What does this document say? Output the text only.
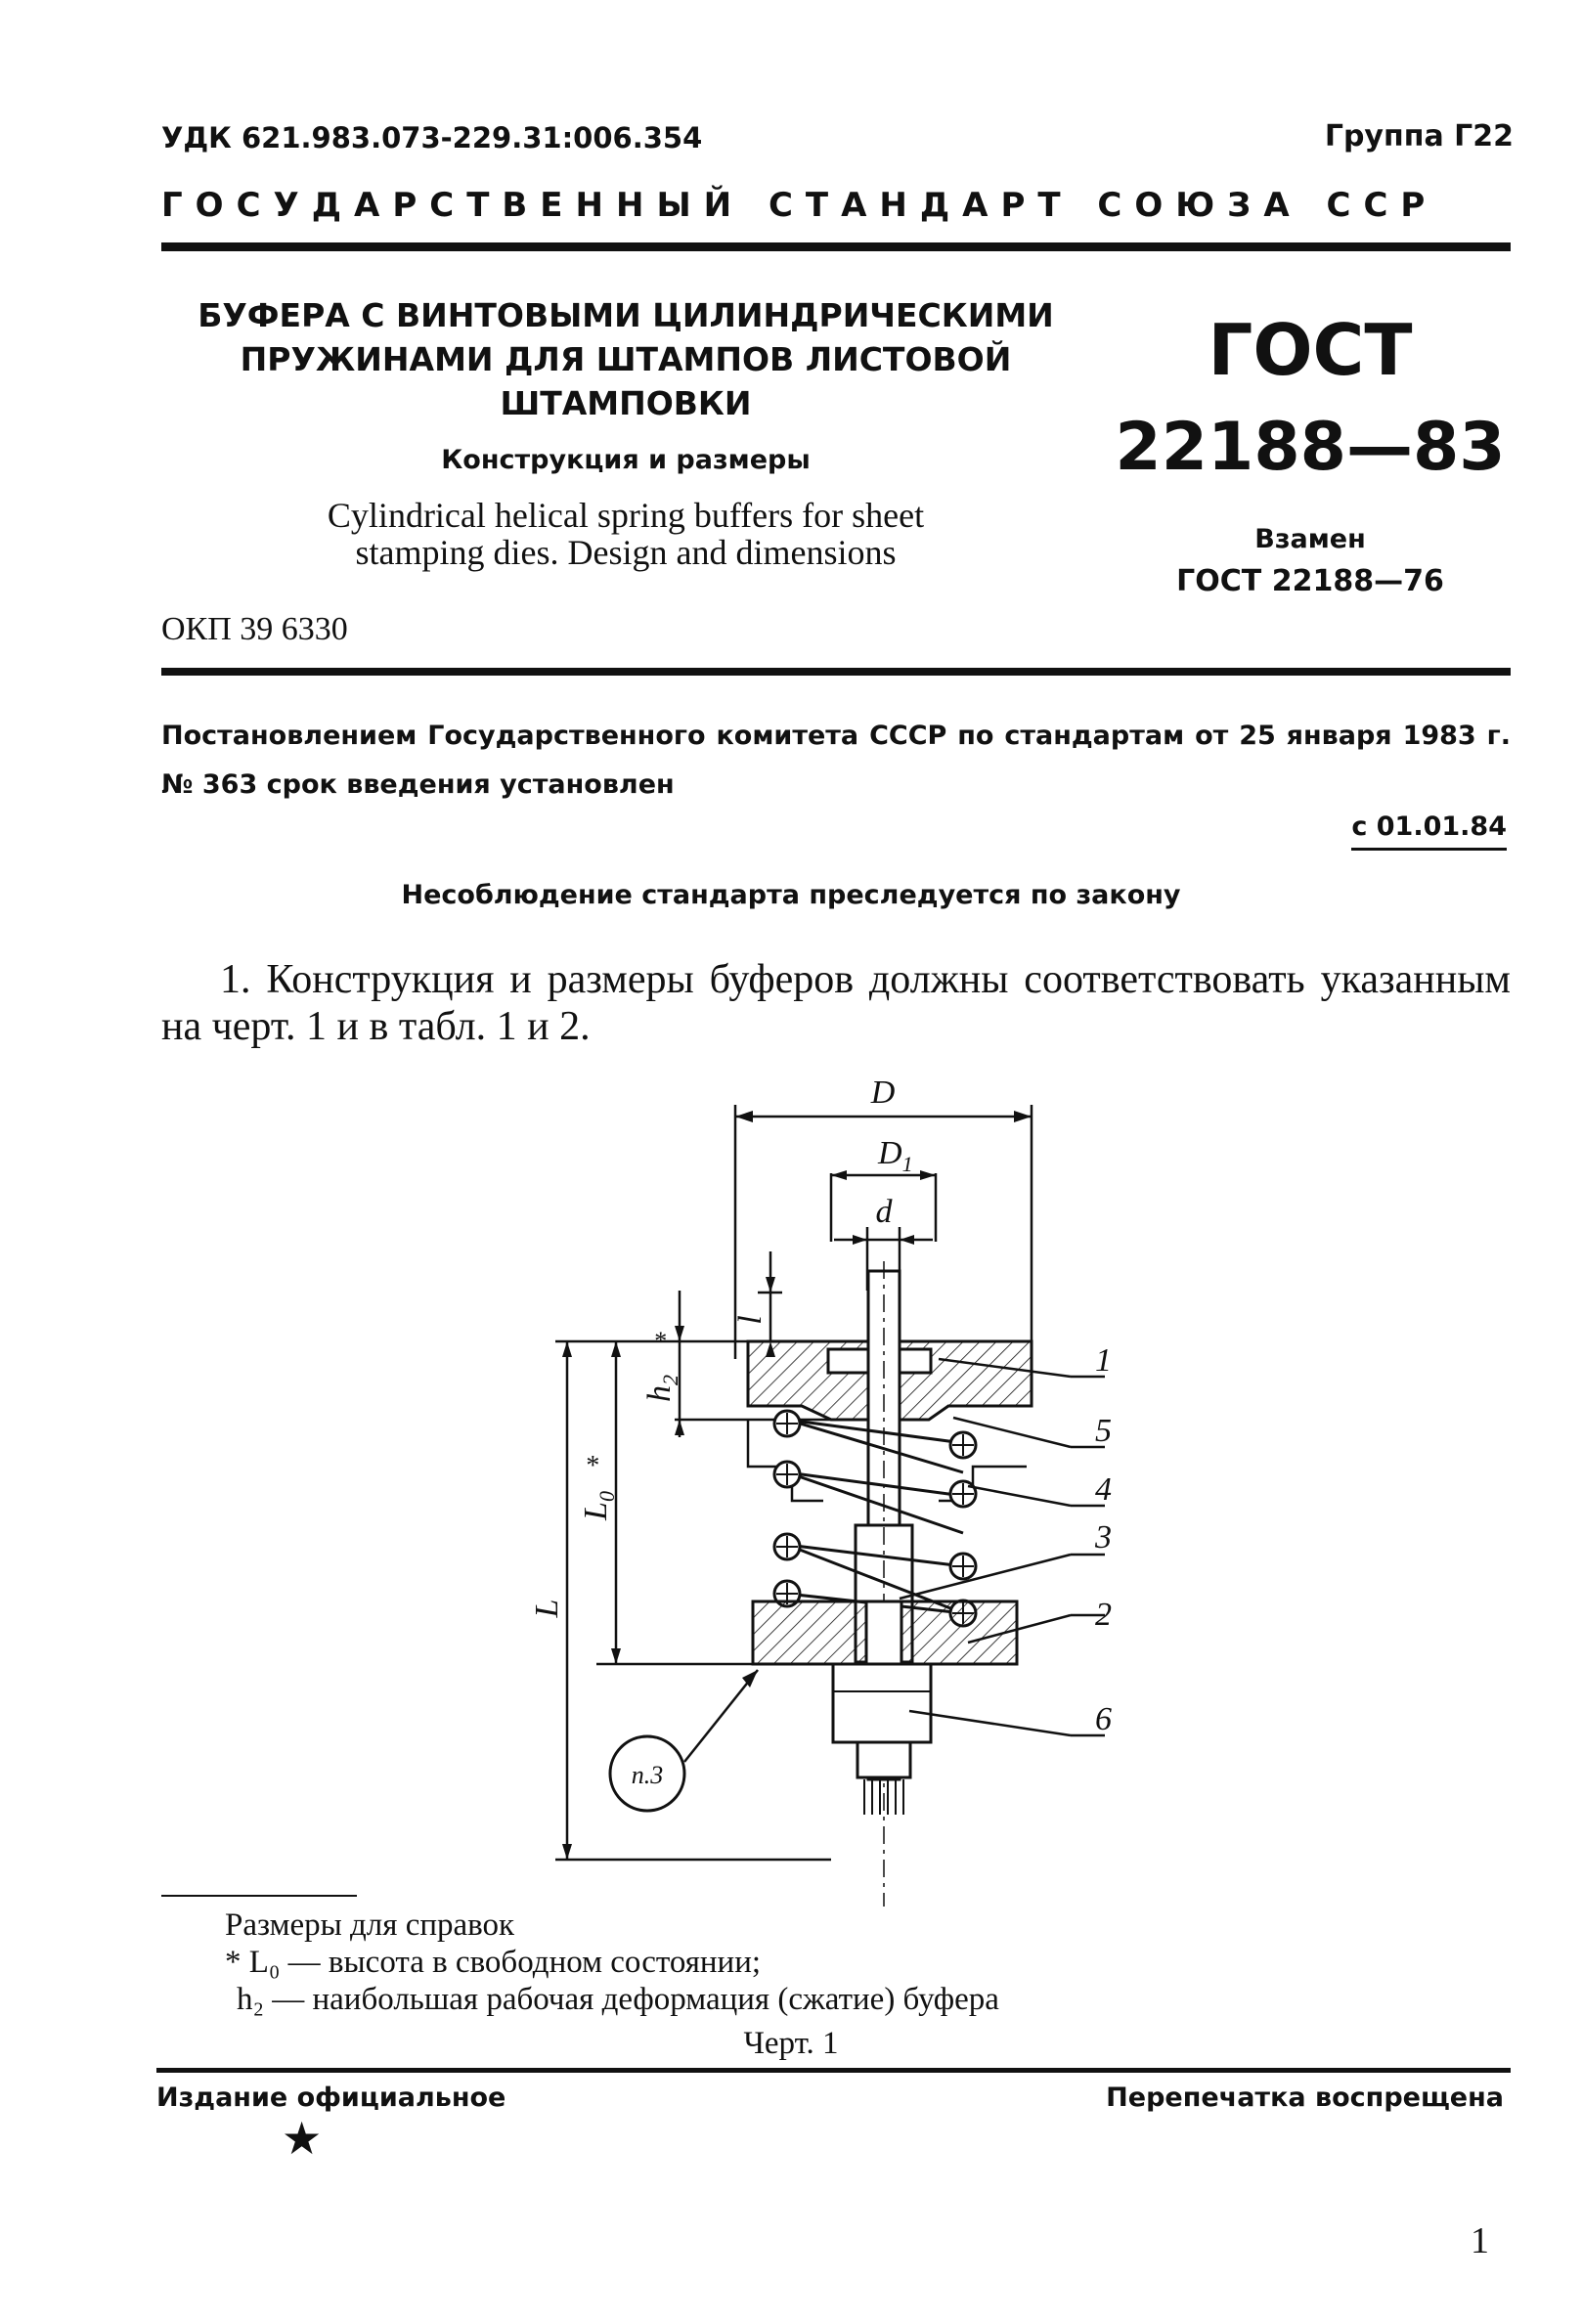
УДК 621.983.073-229.31:006.354	Группа Г22
ГОСУДАРСТВЕННЫЙ СТАНДАРТ СОЮЗА ССР
БУФЕРА С ВИНТОВЫМИ ЦИЛИНДРИЧЕСКИМИ
ПРУЖИНАМИ ДЛЯ ШТАМПОВ ЛИСТОВОЙ
ШТАМПОВКИ
Конструкция и размеры
Cylindrical helical spring buffers for sheet
stamping dies. Design and dimensions
ГОСТ
22188—83
Взамен
ГОСТ 22188—76
ОКП 39 6330
Постановлением Государственного комитета СССР по стандартам от 25 января 1983 г. № 363 срок введения установлен
с 01.01.84
Несоблюдение стандарта преследуется по закону
1. Конструкция и размеры буферов должны соответствовать указанным на черт. 1 и в табл. 1 и 2.
D
$D_1$
d
l
$h_2$
*
$L_0$
*
L
п.3
1
2
3
4
5
6
Размеры для справок
* L₀ — высота в свободном состоянии;
h₂ — наибольшая рабочая деформация (сжатие) буфера
Черт. 1
Издание официальное	Перепечатка воспрещена
★
1
